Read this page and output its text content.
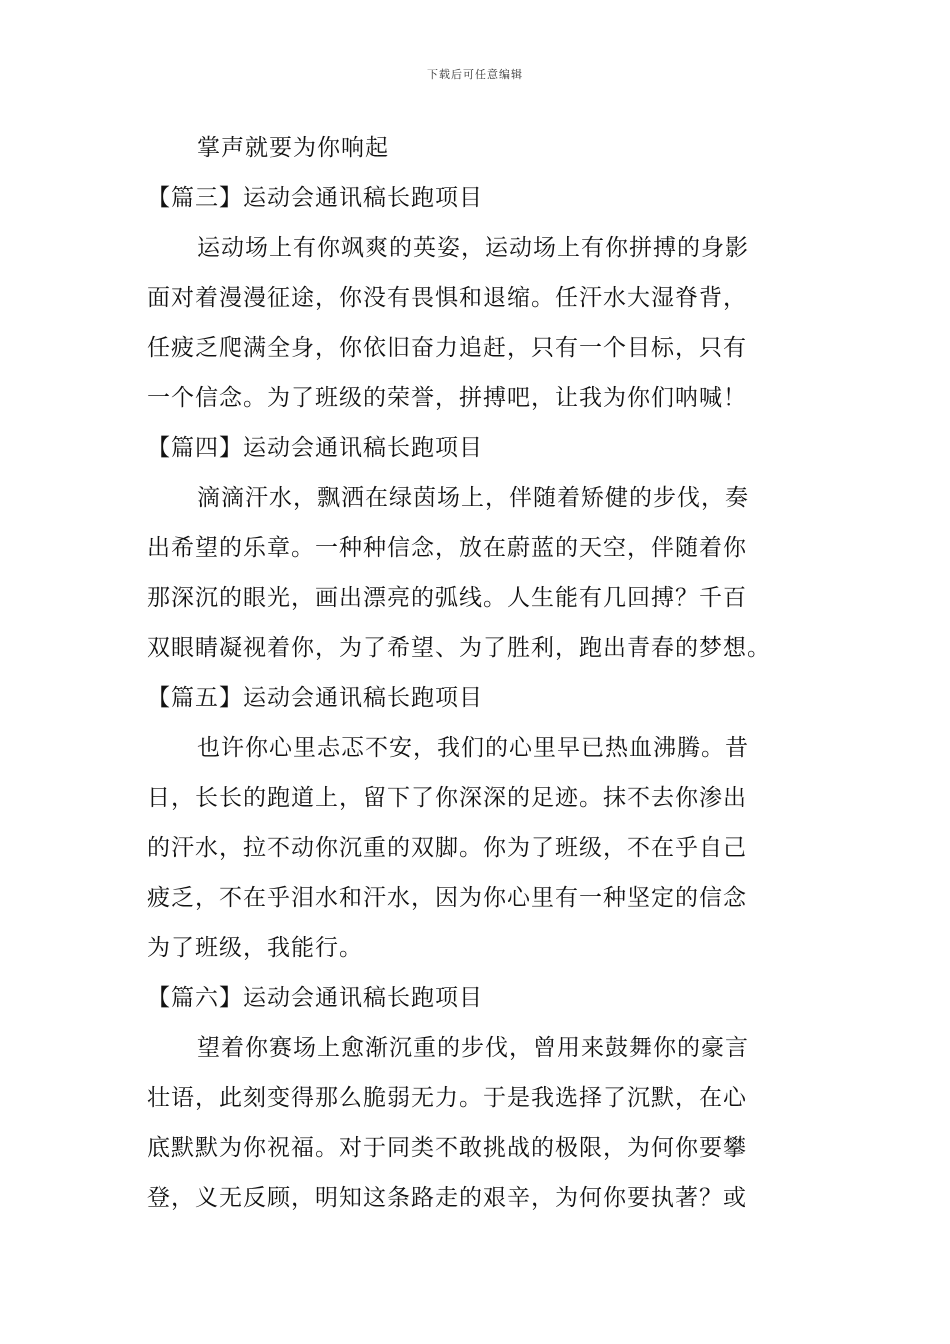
下载后可任意编辑
掌声就要为你响起
【篇三】运动会通讯稿长跑项目
运动场上有你飒爽的英姿，运动场上有你拼搏的身影
面对着漫漫征途，你没有畏惧和退缩。任汗水大湿脊背，
任疲乏爬满全身，你依旧奋力追赶，只有一个目标，只有
一个信念。为了班级的荣誉，拼搏吧，让我为你们呐喊！
【篇四】运动会通讯稿长跑项目
滴滴汗水，飘洒在绿茵场上，伴随着矫健的步伐，奏
出希望的乐章。一种种信念，放在蔚蓝的天空，伴随着你
那深沉的眼光，画出漂亮的弧线。人生能有几回搏？千百
双眼睛凝视着你，为了希望、为了胜利，跑出青春的梦想。
【篇五】运动会通讯稿长跑项目
也许你心里忐忑不安，我们的心里早已热血沸腾。昔
日，长长的跑道上，留下了你深深的足迹。抹不去你渗出
的汗水，拉不动你沉重的双脚。你为了班级，不在乎自己
疲乏，不在乎泪水和汗水，因为你心里有一种坚定的信念
为了班级，我能行。
【篇六】运动会通讯稿长跑项目
望着你赛场上愈渐沉重的步伐，曾用来鼓舞你的豪言
壮语，此刻变得那么脆弱无力。于是我选择了沉默，在心
底默默为你祝福。对于同类不敢挑战的极限，为何你要攀
登，义无反顾，明知这条路走的艰辛，为何你要执著？或
